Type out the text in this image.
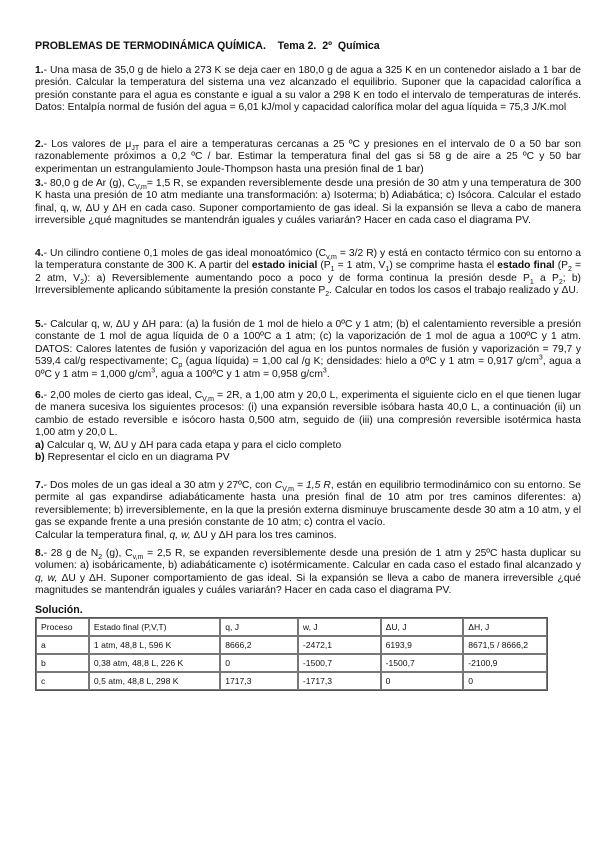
PROBLEMAS DE TERMODINÁMICA QUÍMICA.    Tema 2.  2º  Química
1.- Una masa de 35,0 g de hielo a 273 K se deja caer en 180,0 g de agua a 325 K en un contenedor aislado a 1 bar de presión. Calcular la temperatura del sistema una vez alcanzado el equilibrio. Suponer que la capacidad calorífica a presión constante para el agua es constante e igual a su valor a 298 K en todo el intervalo de temperaturas de interés. Datos: Entalpía normal de fusión del agua = 6,01 kJ/mol y capacidad calorífica molar del agua líquida = 75,3 J/K.mol
2.- Los valores de $\mu_{JT}$ para el aire a temperaturas cercanas a 25 ºC y presiones en el intervalo de 0 a 50 bar son razonablemente próximos a 0,2 ºC / bar. Estimar la temperatura final del gas si 58 g de aire a 25 ºC y 50 bar experimentan un estrangulamiento Joule-Thompson hasta una presión final de 1 bar)
3.- 80,0 g de Ar (g), $C_{V,m}= 1,5$ R, se expanden reversiblemente desde una presión de 30 atm y una temperatura de 300 K hasta una presión de 10 atm mediante una transformación: a) Isoterma; b) Adiabática; c) Isócora. Calcular el estado final, q, w, ΔU y ΔH en cada caso. Suponer comportamiento de gas ideal. Si la expansión se lleva a cabo de manera irreversible ¿qué magnitudes se mantendrán iguales y cuáles variarán? Hacer en cada caso el diagrama PV.
4.- Un cilindro contiene 0,1 moles de gas ideal monoatómico ($C_{v,m} = 3/2$ R) y está en contacto térmico con su entorno a la temperatura constante de 300 K. A partir del estado inicial ($P_1 = 1$ atm, $V_1$) se comprime hasta el estado final ($P_2 = 2$ atm, $V_2$): a) Reversiblemente aumentando poco a poco y de forma continua la presión desde $P_1$ a $P_2$; b) Irreversiblemente aplicando súbitamente la presión constante $P_2$. Calcular en todos los casos el trabajo realizado y ΔU.
5.- Calcular q, w, ΔU y ΔH para: (a) la fusión de 1 mol de hielo a 0ºC y 1 atm; (b) el calentamiento reversible a presión constante de 1 mol de agua líquida de 0 a 100ºC a 1 atm; (c) la vaporización de 1 mol de agua a 100ºC y 1 atm. DATOS: Calores latentes de fusión y vaporización del agua en los puntos normales de fusión y vaporización = 79,7 y 539,4 cal/g respectivamente; $C_p$ (agua líquida) = 1,00 cal /g K; densidades: hielo a 0ºC y 1 atm = 0,917 $g/cm^3$, agua a 0ºC y 1 atm = 1,000 $g/cm^3$, agua a 100ºC y 1 atm = 0,958 $g/cm^3$.
6.- 2,00 moles de cierto gas ideal, $C_{V,m} = 2R$, a 1,00 atm y 20,0 L, experimenta el siguiente ciclo en el que tienen lugar de manera sucesiva los siguientes procesos: (i) una expansión reversible isóbara hasta 40,0 L, a continuación (ii) un cambio de estado reversible e isócoro hasta 0,500 atm, seguido de (iii) una compresión reversible isotérmica hasta 1,00 atm y 20,0 L.
a) Calcular q, W, ΔU y ΔH para cada etapa y para el ciclo completo
b) Representar el ciclo en un diagrama PV
7.- Dos moles de un gas ideal a 30 atm y 27ºC, con $C_{V,m} = 1,5$ R, están en equilibrio termodinámico con su entorno. Se permite al gas expandirse adiabáticamente hasta una presión final de 10 atm por tres caminos diferentes: a) reversiblemente; b) irreversiblemente, en la que la presión externa disminuye bruscamente desde 30 atm a 10 atm, y el gas se expande frente a una presión constante de 10 atm; c) contra el vacío.
Calcular la temperatura final, q, w, ΔU y ΔH para los tres caminos.
8.- 28 g de $N_2$ (g), $C_{v,m} = 2,5$ R, se expanden reversiblemente desde una presión de 1 atm y 25ºC hasta duplicar su volumen: a) isobáricamente, b) adiabáticamente c) isotérmicamente. Calcular en cada caso el estado final alcanzado y q, w, ΔU y ΔH. Suponer comportamiento de gas ideal. Si la expansión se lleva a cabo de manera irreversible ¿qué magnitudes se mantendrán iguales y cuáles variarán? Hacer en cada caso el diagrama PV.
Solución.
Proceso	Estado final (P,V,T)	q, J	w, J	ΔU, J	ΔH, J
a	1 atm, 48,8 L, 596 K	8666,2	-2472,1	6193,9	8671,5 / 8666,2
b	0,38 atm, 48,8 L, 226 K	0	-1500,7	-1500,7	-2100,9
c	0,5 atm, 48,8 L, 298 K	1717,3	-1717,3	0	0
